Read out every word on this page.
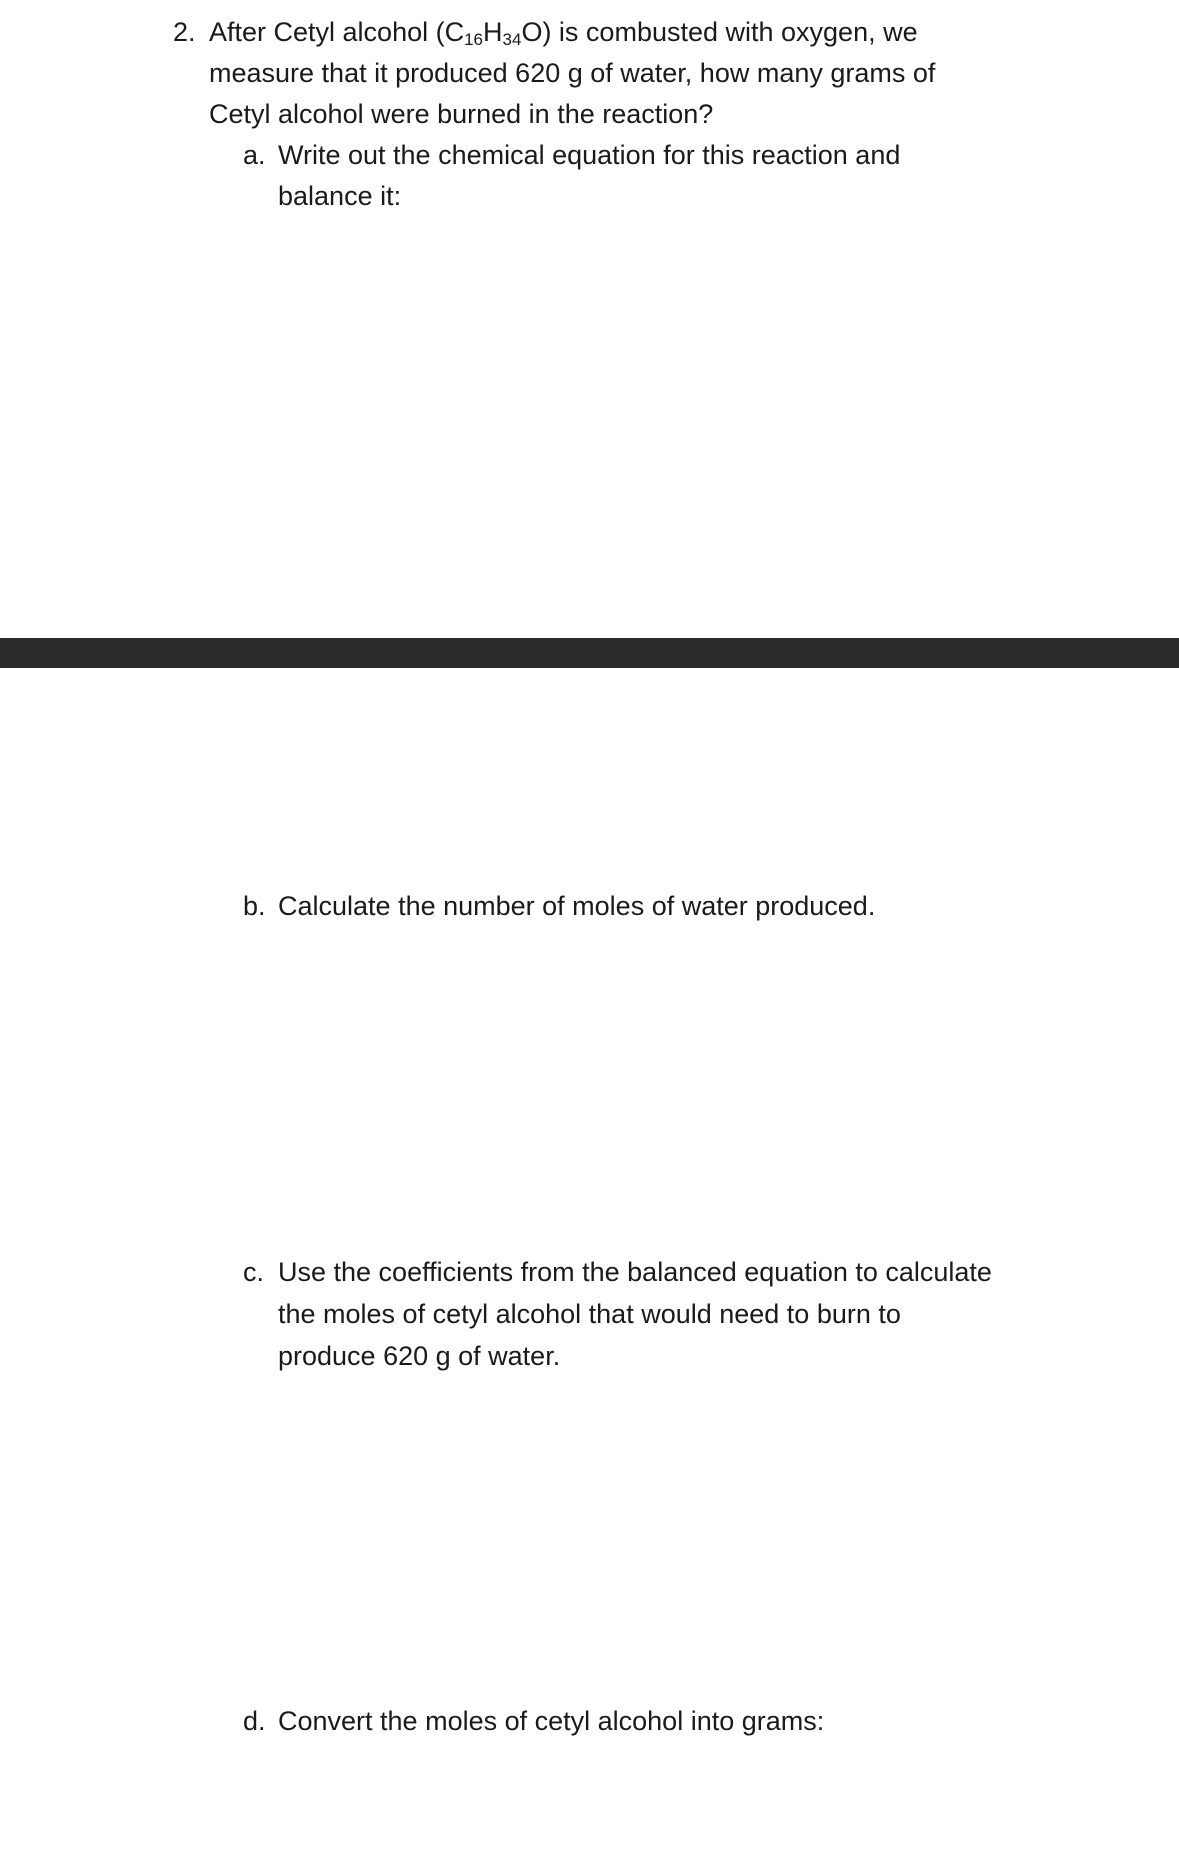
2. After Cetyl alcohol $(C_{16}H_{34}O)$ is combusted with oxygen, we
measure that it produced 620 g of water, how many grams of
Cetyl alcohol were burned in the reaction?
a. Write out the chemical equation for this reaction and
balance it:
b. Calculate the number of moles of water produced.
c. Use the coefficients from the balanced equation to calculate
the moles of cetyl alcohol that would need to burn to
produce 620 g of water.
d. Convert the moles of cetyl alcohol into grams:
